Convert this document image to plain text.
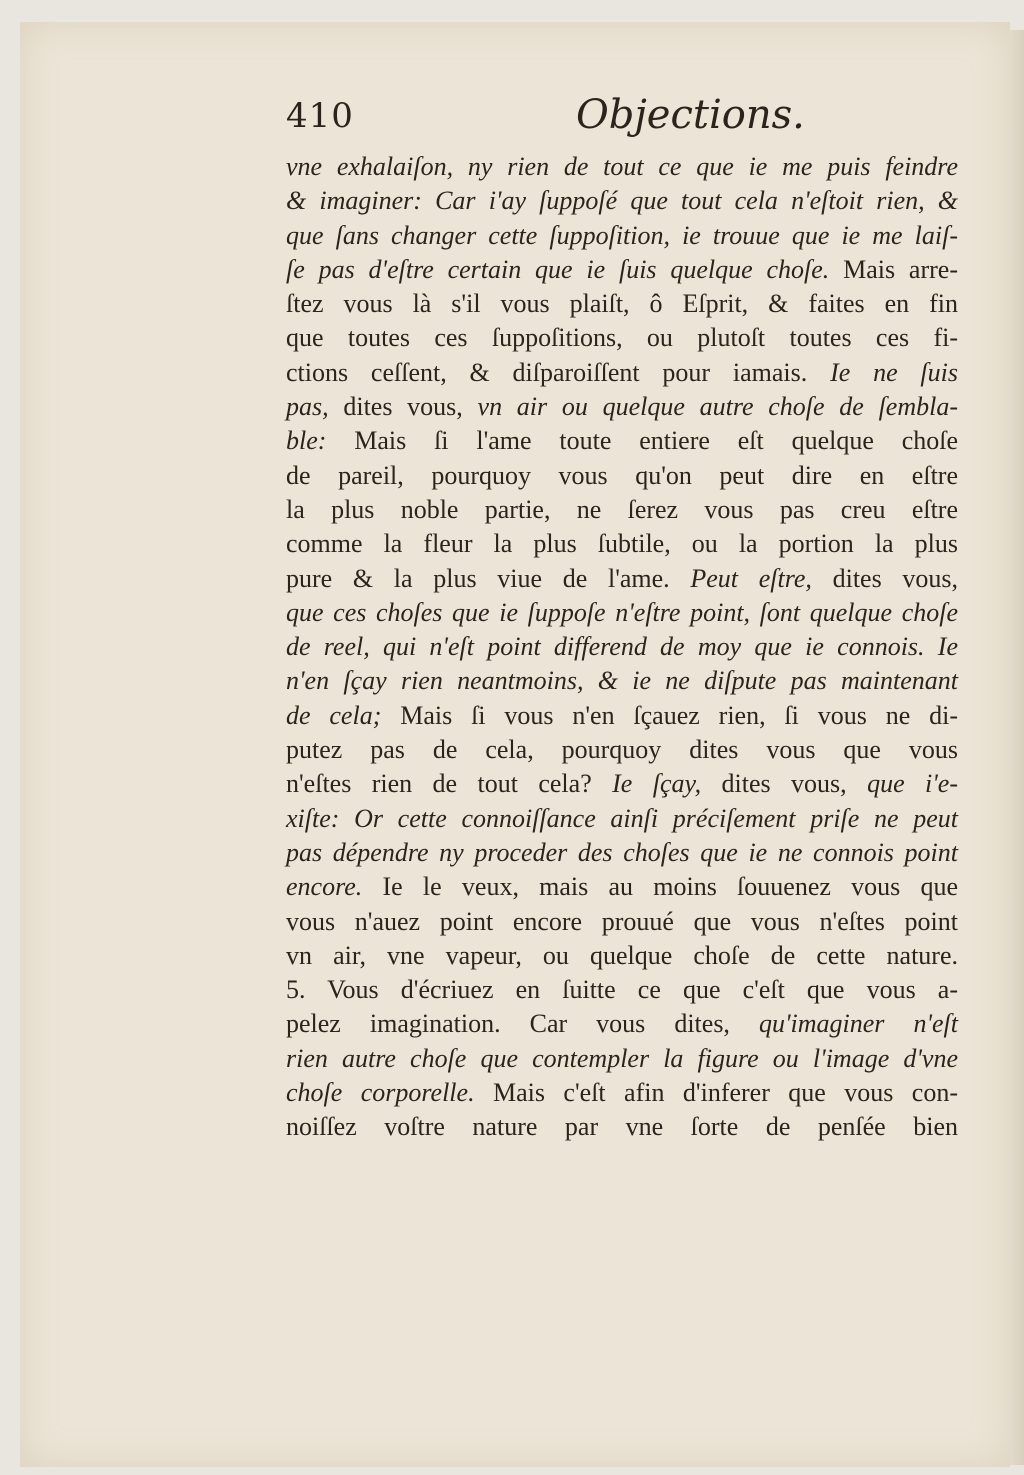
410	Objections.
vne exhalaiſon, ny rien de tout ce que ie me puis feindre
& imaginer: Car i'ay ſuppoſé que tout cela n'eſtoit rien, &
que ſans changer cette ſuppoſition, ie trouue que ie me laiſ-
ſe pas d'eſtre certain que ie ſuis quelque choſe. Mais arre-
ſtez vous là s'il vous plaiſt, ô Eſprit, & faites en fin
que toutes ces ſuppoſitions, ou plutoſt toutes ces fi-
ctions ceſſent, & diſparoiſſent pour iamais. Ie ne ſuis
pas, dites vous, vn air ou quelque autre choſe de ſembla-
ble: Mais ſi l'ame toute entiere eſt quelque choſe
de pareil, pourquoy vous qu'on peut dire en eſtre
la plus noble partie, ne ſerez vous pas creu eſtre
comme la fleur la plus ſubtile, ou la portion la plus
pure & la plus viue de l'ame. Peut eſtre, dites vous,
que ces choſes que ie ſuppoſe n'eſtre point, ſont quelque choſe
de reel, qui n'eſt point differend de moy que ie connois. Ie
n'en ſçay rien neantmoins, & ie ne diſpute pas maintenant
de cela; Mais ſi vous n'en ſçauez rien, ſi vous ne di-
putez pas de cela, pourquoy dites vous que vous
n'eſtes rien de tout cela? Ie ſçay, dites vous, que i'e-
xiſte: Or cette connoiſſance ainſi préciſement priſe ne peut
pas dépendre ny proceder des choſes que ie ne connois point
encore. Ie le veux, mais au moins ſouuenez vous que
vous n'auez point encore prouué que vous n'eſtes point
vn air, vne vapeur, ou quelque choſe de cette nature.
5. Vous d'écriuez en ſuitte ce que c'eſt que vous a-
pelez imagination. Car vous dites, qu'imaginer n'eſt
rien autre choſe que contempler la figure ou l'image d'vne
choſe corporelle. Mais c'eſt afin d'inferer que vous con-
noiſſez voſtre nature par vne ſorte de penſée bien
